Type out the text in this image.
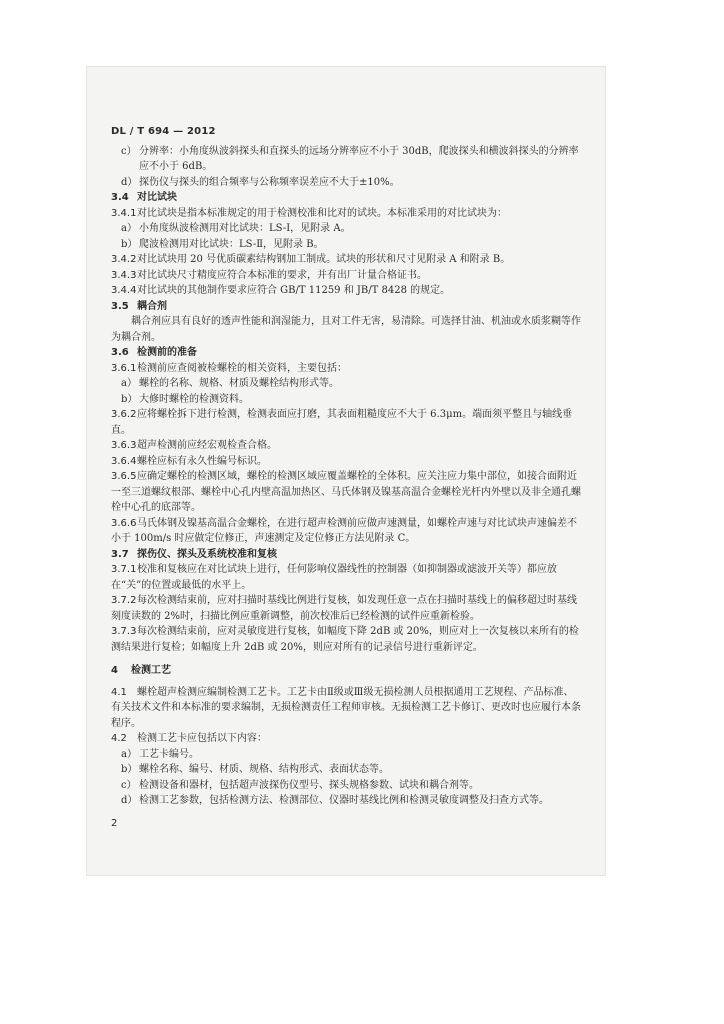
DL / T 694 — 2012
c） 分辨率：小角度纵波斜探头和直探头的远场分辨率应不小于 30dB，爬波探头和横波斜探头的分辨率应不小于 6dB。
d） 探伤仪与探头的组合频率与公称频率误差应不大于±10%。
3.4 对比试块
3.4.1对比试块是指本标准规定的用于检测校准和比对的试块。本标准采用的对比试块为：
a） 小角度纵波检测用对比试块：LS-Ⅰ，见附录 A。
b） 爬波检测用对比试块：LS-Ⅱ，见附录 B。
3.4.2对比试块用 20 号优质碳素结构钢加工制成。试块的形状和尺寸见附录 A 和附录 B。
3.4.3对比试块尺寸精度应符合本标准的要求，并有出厂计量合格证书。
3.4.4对比试块的其他制作要求应符合 GB/T 11259 和 JB/T 8428 的规定。
3.5 耦合剂
耦合剂应具有良好的透声性能和润湿能力，且对工件无害，易清除。可选择甘油、机油或水质浆糊等作为耦合剂。
3.6 检测前的准备
3.6.1检测前应查阅被检螺栓的相关资料，主要包括：
a） 螺栓的名称、规格、材质及螺栓结构形式等。
b） 大修时螺栓的检测资料。
3.6.2应将螺栓拆下进行检测，检测表面应打磨，其表面粗糙度应不大于 6.3μm。端面须平整且与轴线垂直。
3.6.3超声检测前应经宏观检查合格。
3.6.4螺栓应标有永久性编号标识。
3.6.5应确定螺栓的检测区域，螺栓的检测区域应覆盖螺栓的全体积。应关注应力集中部位，如接合面附近一至三道螺纹根部、螺栓中心孔内壁高温加热区、马氏体钢及镍基高温合金螺栓光杆内外壁以及非全通孔螺栓中心孔的底部等。
3.6.6马氏体钢及镍基高温合金螺栓，在进行超声检测前应做声速测量，如螺栓声速与对比试块声速偏差不小于 100m/s 时应做定位修正，声速测定及定位修正方法见附录 C。
3.7 探伤仪、探头及系统校准和复核
3.7.1校准和复核应在对比试块上进行，任何影响仪器线性的控制器（如抑制器或滤波开关等）都应放在“关”的位置或最低的水平上。
3.7.2每次检测结束前，应对扫描时基线比例进行复核，如发现任意一点在扫描时基线上的偏移超过时基线刻度读数的 2%时，扫描比例应重新调整，前次校准后已经检测的试件应重新检验。
3.7.3每次检测结束前，应对灵敏度进行复核，如幅度下降 2dB 或 20%，则应对上一次复核以来所有的检测结果进行复检；如幅度上升 2dB 或 20%，则应对所有的记录信号进行重新评定。
4 检测工艺
4.1 螺栓超声检测应编制检测工艺卡。工艺卡由Ⅱ级或Ⅲ级无损检测人员根据通用工艺规程、产品标准、有关技术文件和本标准的要求编制，无损检测责任工程师审核。无损检测工艺卡修订、更改时也应履行本条程序。
4.2 检测工艺卡应包括以下内容：
a） 工艺卡编号。
b） 螺栓名称、编号、材质、规格、结构形式、表面状态等。
c） 检测设备和器材，包括超声波探伤仪型号、探头规格参数、试块和耦合剂等。
d） 检测工艺参数，包括检测方法、检测部位、仪器时基线比例和检测灵敏度调整及扫查方式等。
2
